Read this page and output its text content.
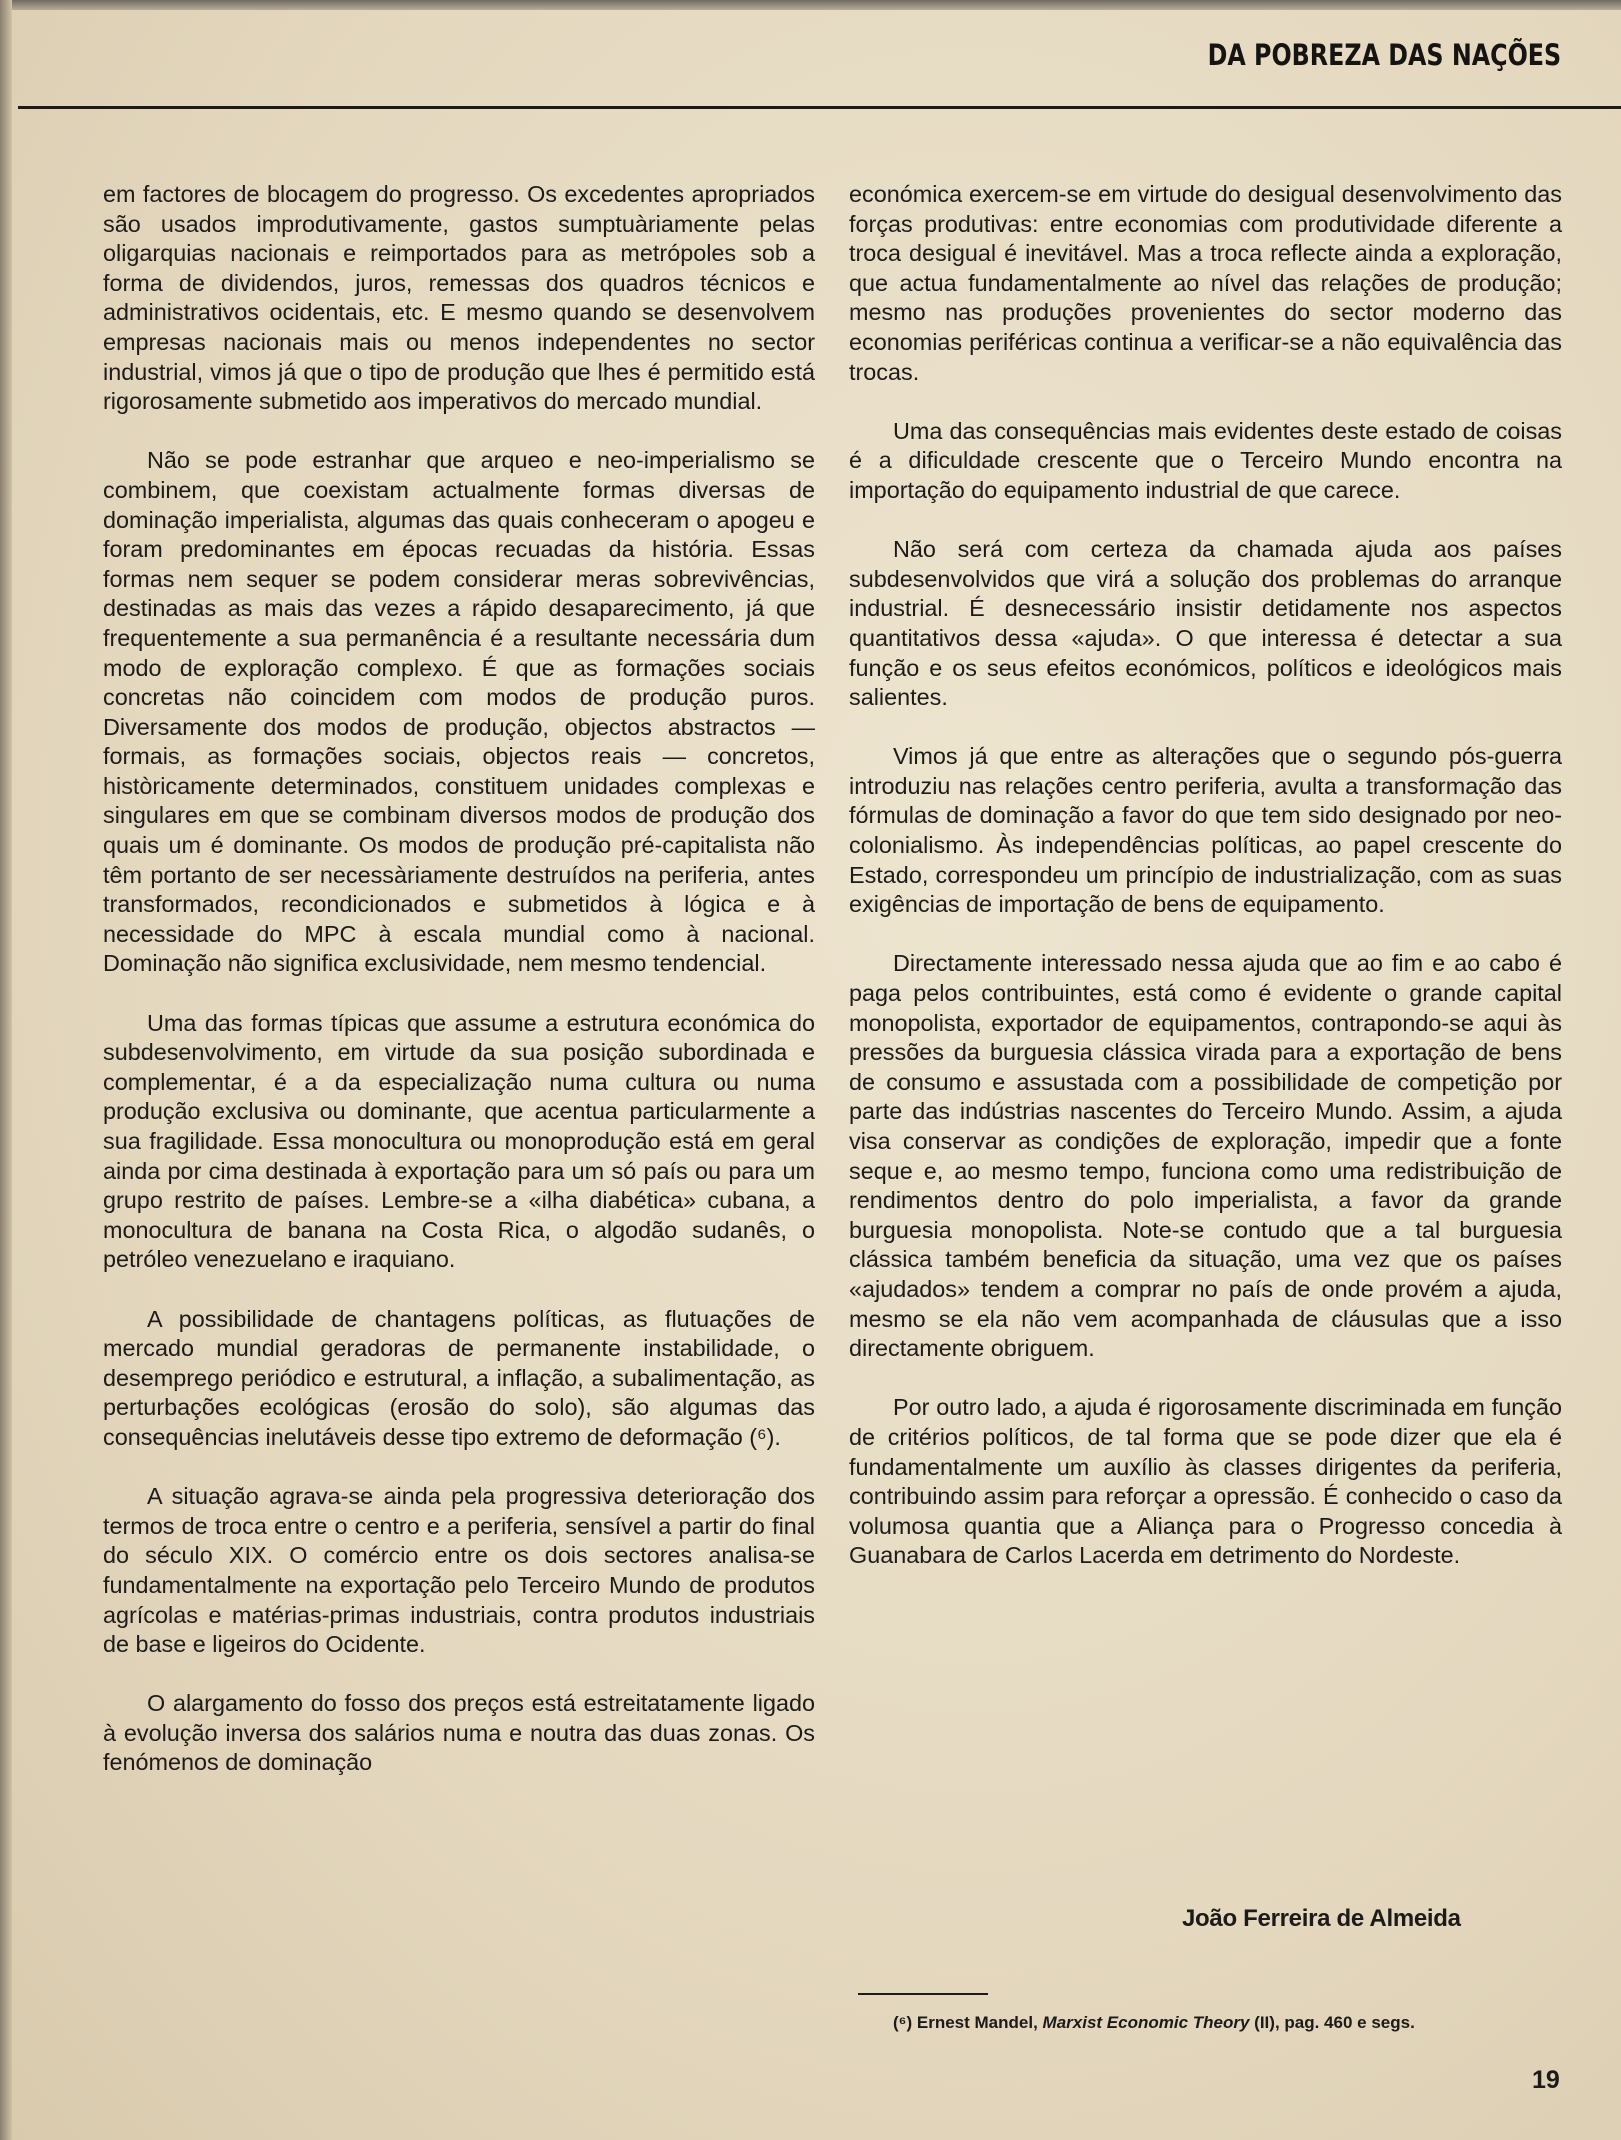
DA POBREZA DAS NAÇÕES

em factores de blocagem do progresso. Os excedentes apropriados são usados improdutivamente, gastos sumptuàriamente pelas oligarquias nacionais e reimportados para as metrópoles sob a forma de dividendos, juros, remessas dos quadros técnicos e administrativos ocidentais, etc. E mesmo quando se desenvolvem empresas nacionais mais ou menos independentes no sector industrial, vimos já que o tipo de produção que lhes é permitido está rigorosamente submetido aos imperativos do mercado mundial.

Não se pode estranhar que arqueo e neo-imperialismo se combinem, que coexistam actualmente formas diversas de dominação imperialista, algumas das quais conheceram o apogeu e foram predominantes em épocas recuadas da história. Essas formas nem sequer se podem considerar meras sobrevivências, destinadas as mais das vezes a rápido desaparecimento, já que frequentemente a sua permanência é a resultante necessária dum modo de exploração complexo. É que as formações sociais concretas não coincidem com modos de produção puros. Diversamente dos modos de produção, objectos abstractos — formais, as formações sociais, objectos reais — concretos, històricamente determinados, constituem unidades complexas e singulares em que se combinam diversos modos de produção dos quais um é dominante. Os modos de produção pré-capitalista não têm portanto de ser necessàriamente destruídos na periferia, antes transformados, recondicionados e submetidos à lógica e à necessidade do MPC à escala mundial como à nacional. Dominação não significa exclusividade, nem mesmo tendencial.

Uma das formas típicas que assume a estrutura económica do subdesenvolvimento, em virtude da sua posição subordinada e complementar, é a da especialização numa cultura ou numa produção exclusiva ou dominante, que acentua particularmente a sua fragilidade. Essa monocultura ou monoprodução está em geral ainda por cima destinada à exportação para um só país ou para um grupo restrito de países. Lembre-se a «ilha diabética» cubana, a monocultura de banana na Costa Rica, o algodão sudanês, o petróleo venezuelano e iraquiano.

A possibilidade de chantagens políticas, as flutuações de mercado mundial geradoras de permanente instabilidade, o desemprego periódico e estrutural, a inflação, a subalimentação, as perturbações ecológicas (erosão do solo), são algumas das consequências inelutáveis desse tipo extremo de deformação (⁶).

A situação agrava-se ainda pela progressiva deterioração dos termos de troca entre o centro e a periferia, sensível a partir do final do século XIX. O comércio entre os dois sectores analisa-se fundamentalmente na exportação pelo Terceiro Mundo de produtos agrícolas e matérias-primas industriais, contra produtos industriais de base e ligeiros do Ocidente.

O alargamento do fosso dos preços está estreitatamente ligado à evolução inversa dos salários numa e noutra das duas zonas. Os fenómenos de dominação

económica exercem-se em virtude do desigual desenvolvimento das forças produtivas: entre economias com produtividade diferente a troca desigual é inevitável. Mas a troca reflecte ainda a exploração, que actua fundamentalmente ao nível das relações de produção; mesmo nas produções provenientes do sector moderno das economias periféricas continua a verificar-se a não equivalência das trocas.

Uma das consequências mais evidentes deste estado de coisas é a dificuldade crescente que o Terceiro Mundo encontra na importação do equipamento industrial de que carece.

Não será com certeza da chamada ajuda aos países subdesenvolvidos que virá a solução dos problemas do arranque industrial. É desnecessário insistir detidamente nos aspectos quantitativos dessa «ajuda». O que interessa é detectar a sua função e os seus efeitos económicos, políticos e ideológicos mais salientes.

Vimos já que entre as alterações que o segundo pós-guerra introduziu nas relações centro periferia, avulta a transformação das fórmulas de dominação a favor do que tem sido designado por neo-colonialismo. Às independências políticas, ao papel crescente do Estado, correspondeu um princípio de industrialização, com as suas exigências de importação de bens de equipamento.

Directamente interessado nessa ajuda que ao fim e ao cabo é paga pelos contribuintes, está como é evidente o grande capital monopolista, exportador de equipamentos, contrapondo-se aqui às pressões da burguesia clássica virada para a exportação de bens de consumo e assustada com a possibilidade de competição por parte das indústrias nascentes do Terceiro Mundo. Assim, a ajuda visa conservar as condições de exploração, impedir que a fonte seque e, ao mesmo tempo, funciona como uma redistribuição de rendimentos dentro do polo imperialista, a favor da grande burguesia monopolista. Note-se contudo que a tal burguesia clássica também beneficia da situação, uma vez que os países «ajudados» tendem a comprar no país de onde provém a ajuda, mesmo se ela não vem acompanhada de cláusulas que a isso directamente obriguem.

Por outro lado, a ajuda é rigorosamente discriminada em função de critérios políticos, de tal forma que se pode dizer que ela é fundamentalmente um auxílio às classes dirigentes da periferia, contribuindo assim para reforçar a opressão. É conhecido o caso da volumosa quantia que a Aliança para o Progresso concedia à Guanabara de Carlos Lacerda em detrimento do Nordeste.

João Ferreira de Almeida
(⁶) Ernest Mandel, Marxist Economic Theory (II), pag. 460 e segs.
19
